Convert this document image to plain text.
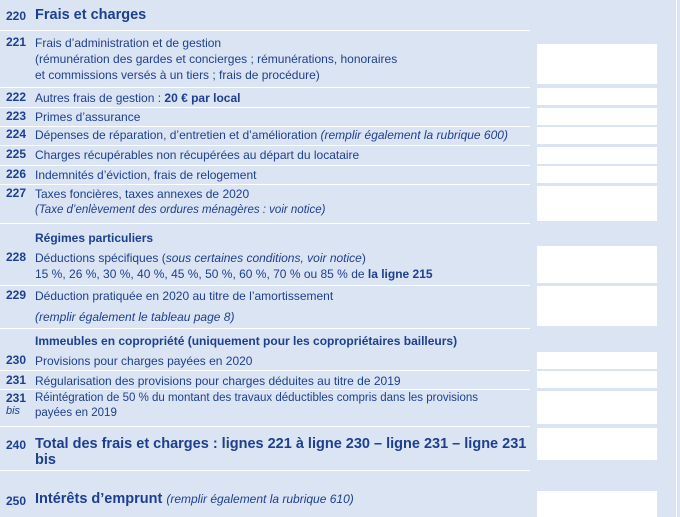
220 Frais et charges
221 Frais d’administration et de gestion
(rémunération des gardes et concierges ; rémunérations, honoraires
et commissions versés à un tiers ; frais de procédure)
222 Autres frais de gestion : 20 € par local
223 Primes d’assurance
224 Dépenses de réparation, d’entretien et d’amélioration (remplir également la rubrique 600)
225 Charges récupérables non récupérées au départ du locataire
226 Indemnités d’éviction, frais de relogement
227 Taxes foncières, taxes annexes de 2020
(Taxe d’enlèvement des ordures ménagères : voir notice)
Régimes particuliers
228 Déductions spécifiques (sous certaines conditions, voir notice)
15 %, 26 %, 30 %, 40 %, 45 %, 50 %, 60 %, 70 % ou 85 % de la ligne 215
229 Déduction pratiquée en 2020 au titre de l’amortissement
(remplir également le tableau page 8)
Immeubles en copropriété (uniquement pour les copropriétaires bailleurs)
230 Provisions pour charges payées en 2020
231 Régularisation des provisions pour charges déduites au titre de 2019
231
bis
Réintégration de 50 % du montant des travaux déductibles compris dans les provisions
payées en 2019
240 Total des frais et charges : lignes 221 à ligne 230 – ligne 231 – ligne 231 bis
250 Intérêts d’emprunt (remplir également la rubrique 610)
